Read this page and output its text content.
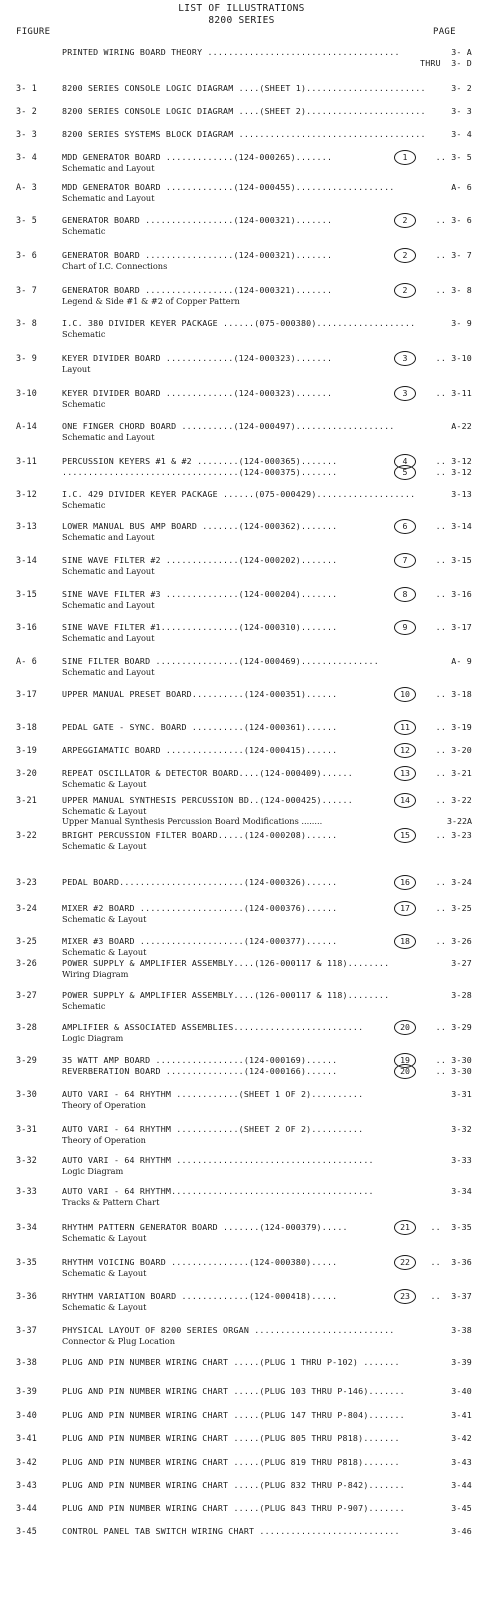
LIST OF ILLUSTRATIONS
8200 SERIES
FIGURE	PAGE
PRINTED WIRING BOARD THEORY .....................................	3- A
THRU  3- D
3- 1	8200 SERIES CONSOLE LOGIC DIAGRAM ....(SHEET 1).......................	3- 2
3- 2	8200 SERIES CONSOLE LOGIC DIAGRAM ....(SHEET 2).......................	3- 3
3- 3	8200 SERIES SYSTEMS BLOCK DIAGRAM ....................................	3- 4
3- 4	MDD GENERATOR BOARD .............(124-000265).......	1	.. 3- 5
Schematic and Layout
A- 3	MDD GENERATOR BOARD .............(124-000455)...................	A- 6
Schematic and Layout
3- 5	GENERATOR BOARD .................(124-000321).......	2	.. 3- 6
Schematic
3- 6	GENERATOR BOARD .................(124-000321).......	2	.. 3- 7
Chart of I.C. Connections
3- 7	GENERATOR BOARD .................(124-000321).......	2	.. 3- 8
Legend & Side #1 & #2 of Copper Pattern
3- 8	I.C. 380 DIVIDER KEYER PACKAGE ......(075-000380)...................	3- 9
Schematic
3- 9	KEYER DIVIDER BOARD .............(124-000323).......	3	.. 3-10
Layout
3-10	KEYER DIVIDER BOARD .............(124-000323).......	3	.. 3-11
Schematic
A-14	ONE FINGER CHORD BOARD ..........(124-000497)...................	A-22
Schematic and Layout
3-11	PERCUSSION KEYERS #1 & #2 ........(124-000365).......	4	.. 3-12
..................................(124-000375).......	5	.. 3-12
3-12	I.C. 429 DIVIDER KEYER PACKAGE ......(075-000429)...................	3-13
Schematic
3-13	LOWER MANUAL BUS AMP BOARD .......(124-000362).......	6	.. 3-14
Schematic and Layout
3-14	SINE WAVE FILTER #2 ..............(124-000202).......	7	.. 3-15
Schematic and Layout
3-15	SINE WAVE FILTER #3 ..............(124-000204).......	8	.. 3-16
Schematic and Layout
3-16	SINE WAVE FILTER #1...............(124-000310).......	9	.. 3-17
Schematic and Layout
A- 6	SINE FILTER BOARD ................(124-000469)...............	A- 9
Schematic and Layout
3-17	UPPER MANUAL PRESET BOARD..........(124-000351)......	10	.. 3-18
3-18	PEDAL GATE - SYNC. BOARD ..........(124-000361)......	11	.. 3-19
3-19	ARPEGGIAMATIC BOARD ...............(124-000415)......	12	.. 3-20
3-20	REPEAT OSCILLATOR & DETECTOR BOARD....(124-000409)......	13	.. 3-21
Schematic & Layout
3-21	UPPER MANUAL SYNTHESIS PERCUSSION BD..(124-000425)......	14	.. 3-22
Schematic & Layout
Upper Manual Synthesis Percussion Board Modifications ........	3-22A
3-22	BRIGHT PERCUSSION FILTER BOARD.....(124-000208)......	15	.. 3-23
Schematic & Layout
3-23	PEDAL BOARD........................(124-000326)......	16	.. 3-24
3-24	MIXER #2 BOARD ....................(124-000376)......	17	.. 3-25
Schematic & Layout
3-25	MIXER #3 BOARD ....................(124-000377)......	18	.. 3-26
Schematic & Layout
3-26	POWER SUPPLY & AMPLIFIER ASSEMBLY....(126-000117 & 118)........	3-27
Wiring Diagram
3-27	POWER SUPPLY & AMPLIFIER ASSEMBLY....(126-000117 & 118)........	3-28
Schematic
3-28	AMPLIFIER & ASSOCIATED ASSEMBLIES.........................	20	.. 3-29
Logic Diagram
3-29	35 WATT AMP BOARD .................(124-000169)......	19	.. 3-30
REVERBERATION BOARD ...............(124-000166)......	20	.. 3-30
3-30	AUTO VARI - 64 RHYTHM ............(SHEET 1 OF 2)..........	3-31
Theory of Operation
3-31	AUTO VARI - 64 RHYTHM ............(SHEET 2 OF 2)..........	3-32
Theory of Operation
3-32	AUTO VARI - 64 RHYTHM ......................................	3-33
Logic Diagram
3-33	AUTO VARI - 64 RHYTHM.......................................	3-34
Tracks & Pattern Chart
3-34	RHYTHM PATTERN GENERATOR BOARD .......(124-000379).....	21	..  3-35
Schematic & Layout
3-35	RHYTHM VOICING BOARD ...............(124-000380).....	22	..  3-36
Schematic & Layout
3-36	RHYTHM VARIATION BOARD .............(124-000418).....	23	..  3-37
Schematic & Layout
3-37	PHYSICAL LAYOUT OF 8200 SERIES ORGAN ...........................	3-38
Connector & Plug Location
3-38	PLUG AND PIN NUMBER WIRING CHART .....(PLUG 1 THRU P-102) .......	3-39
3-39	PLUG AND PIN NUMBER WIRING CHART .....(PLUG 103 THRU P-146).......	3-40
3-40	PLUG AND PIN NUMBER WIRING CHART .....(PLUG 147 THRU P-804).......	3-41
3-41	PLUG AND PIN NUMBER WIRING CHART .....(PLUG 805 THRU P818).......	3-42
3-42	PLUG AND PIN NUMBER WIRING CHART .....(PLUG 819 THRU P818).......	3-43
3-43	PLUG AND PIN NUMBER WIRING CHART .....(PLUG 832 THRU P-842).......	3-44
3-44	PLUG AND PIN NUMBER WIRING CHART .....(PLUG 843 THRU P-907).......	3-45
3-45	CONTROL PANEL TAB SWITCH WIRING CHART ...........................	3-46
